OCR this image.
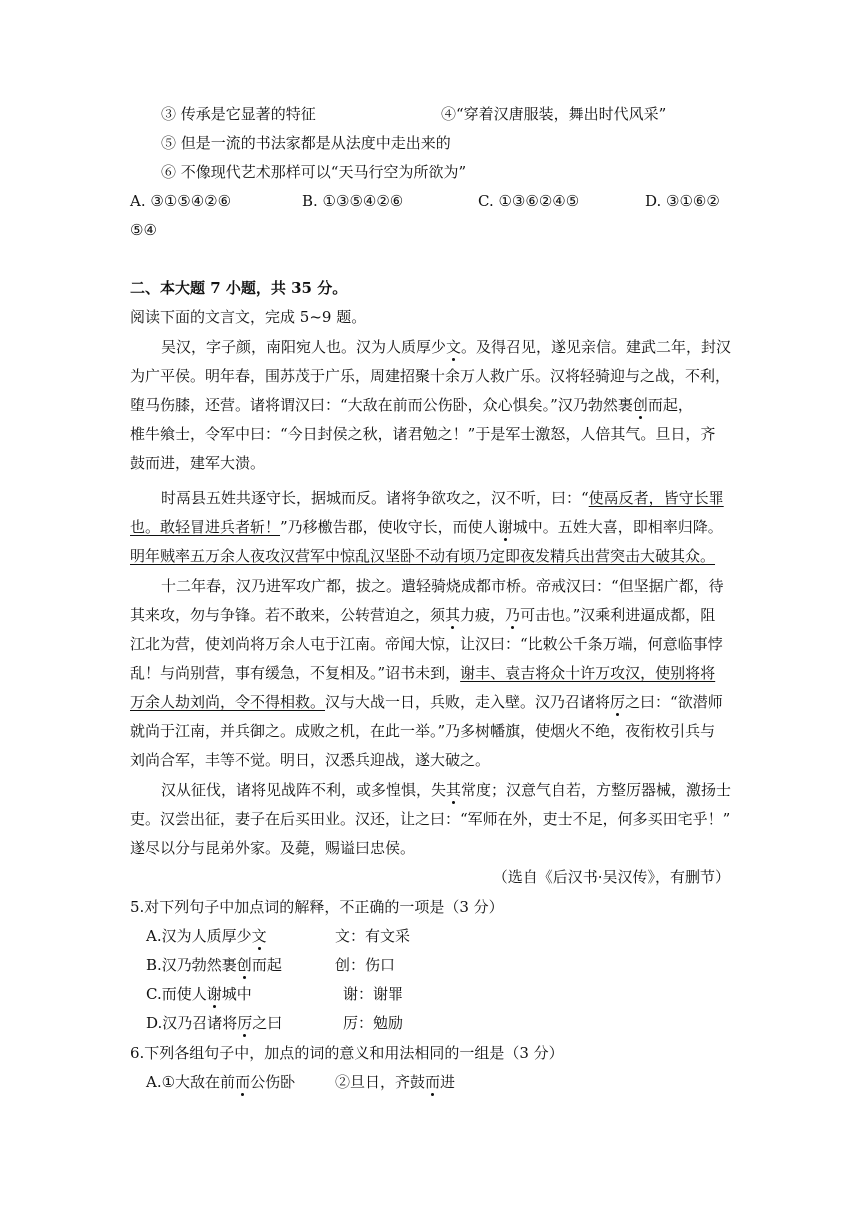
③ 传承是它显著的特征	④“穿着汉唐服装，舞出时代风采”
⑤ 但是一流的书法家都是从法度中走出来的
⑥ 不像现代艺术那样可以“天马行空为所欲为”
A. ③①⑤④②⑥	B. ①③⑤④②⑥	C. ①③⑥②④⑤	D. ③①⑥②
⑤④
二、本大题 7 小题，共 35 分。
阅读下面的文言文，完成 5~9 题。
吴汉，字子颜，南阳宛人也。汉为人质厚少文。及得召见，遂见亲信。建武二年，封汉
为广平侯。明年春，围苏茂于广乐，周建招聚十余万人救广乐。汉将轻骑迎与之战，不利，
堕马伤膝，还营。诸将谓汉曰：“大敌在前而公伤卧，众心惧矣。”汉乃勃然裹创而起，
椎牛飨士，令军中曰：“今日封侯之秋，诸君勉之！”于是军士激怒，人倍其气。旦日，齐
鼓而进，建军大溃。
时鬲县五姓共逐守长，据城而反。诸将争欲攻之，汉不听，曰：“使鬲反者，皆守长罪
也。敢轻冒进兵者斩！”乃移檄告郡，使收守长，而使人谢城中。五姓大喜，即相率归降。
明年贼率五万余人夜攻汉营军中惊乱汉坚卧不动有顷乃定即夜发精兵出营突击大破其众。
十二年春，汉乃进军攻广都，拔之。遣轻骑烧成都市桥。帝戒汉曰：“但坚据广都，待
其来攻，勿与争锋。若不敢来，公转营迫之，须其力疲，乃可击也。”汉乘利进逼成都，阻
江北为营，使刘尚将万余人屯于江南。帝闻大惊，让汉曰：“比敕公千条万端，何意临事悖
乱！与尚别营，事有缓急，不复相及。”诏书未到，谢丰、袁吉将众十许万攻汉，使别将将
万余人劫刘尚，令不得相救。汉与大战一日，兵败，走入壁。汉乃召诸将厉之曰：“欲潜师
就尚于江南，并兵御之。成败之机，在此一举。”乃多树幡旗，使烟火不绝，夜衔枚引兵与
刘尚合军，丰等不觉。明日，汉悉兵迎战，遂大破之。
汉从征伐，诸将见战阵不利，或多惶惧，失其常度；汉意气自若，方整厉器械，激扬士
吏。汉尝出征，妻子在后买田业。汉还，让之曰：“军师在外，吏士不足，何多买田宅乎！”
遂尽以分与昆弟外家。及薨，赐谥曰忠侯。
（选自《后汉书·吴汉传》，有删节）
5.对下列句子中加点词的解释，不正确的一项是（3 分）
A.汉为人质厚少文	文：有文采
B.汉乃勃然裹创而起	创：伤口
C.而使人谢城中	谢：谢罪
D.汉乃召诸将厉之曰	厉：勉励
6.下列各组句子中，加点的词的意义和用法相同的一组是（3 分）
A.①大敌在前而公伤卧	②旦日，齐鼓而进
